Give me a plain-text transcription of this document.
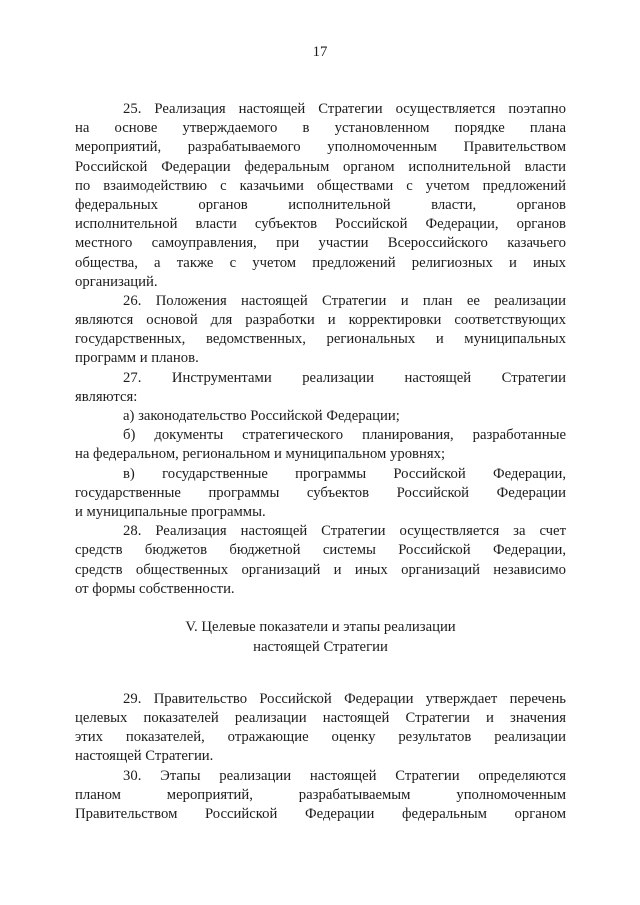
17
25. Реализация настоящей Стратегии осуществляется поэтапно
на основе утверждаемого в установленном порядке плана
мероприятий, разрабатываемого уполномоченным Правительством
Российской Федерации федеральным органом исполнительной власти
по взаимодействию с казачьими обществами с учетом предложений
федеральных органов исполнительной власти, органов
исполнительной власти субъектов Российской Федерации, органов
местного самоуправления, при участии Всероссийского казачьего
общества, а также с учетом предложений религиозных и иных
организаций.
26. Положения настоящей Стратегии и план ее реализации
являются основой для разработки и корректировки соответствующих
государственных, ведомственных, региональных и муниципальных
программ и планов.
27. Инструментами реализации настоящей Стратегии
являются:
а) законодательство Российской Федерации;
б) документы стратегического планирования, разработанные
на федеральном, региональном и муниципальном уровнях;
в) государственные программы Российской Федерации,
государственные программы субъектов Российской Федерации
и муниципальные программы.
28. Реализация настоящей Стратегии осуществляется за счет
средств бюджетов бюджетной системы Российской Федерации,
средств общественных организаций и иных организаций независимо
от формы собственности.
V. Целевые показатели и этапы реализации
настоящей Стратегии
29. Правительство Российской Федерации утверждает перечень
целевых показателей реализации настоящей Стратегии и значения
этих показателей, отражающие оценку результатов реализации
настоящей Стратегии.
30. Этапы реализации настоящей Стратегии определяются
планом мероприятий, разрабатываемым уполномоченным
Правительством Российской Федерации федеральным органом
